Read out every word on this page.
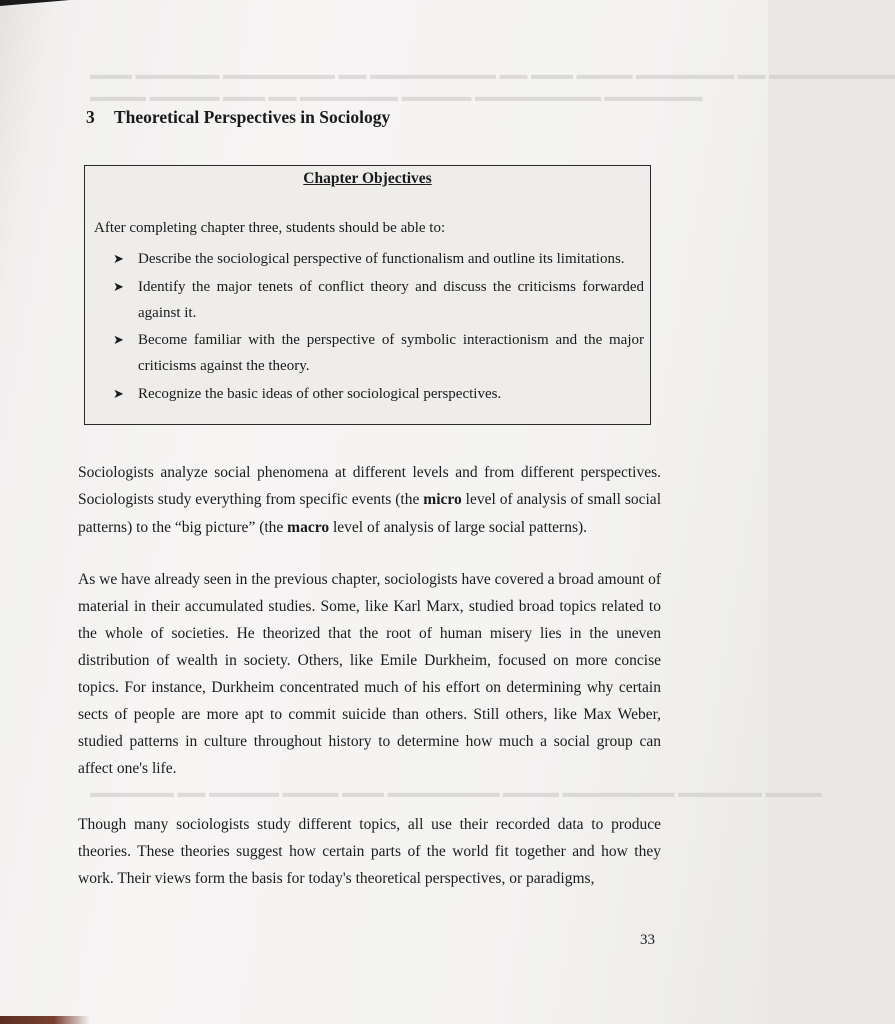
▬▬▬ ▬▬▬▬▬▬ ▬▬▬▬▬▬▬▬ ▬▬ ▬▬▬▬▬▬▬▬▬ ▬▬ ▬▬▬ ▬▬▬▬ ▬▬▬▬▬▬▬ ▬▬ ▬▬▬▬▬▬▬▬▬
▬▬▬▬ ▬▬▬▬▬ ▬▬▬ ▬▬ ▬▬▬▬▬▬▬ ▬▬▬▬▬ ▬▬▬▬▬▬▬▬▬ ▬▬▬▬▬▬▬
3 Theoretical Perspectives in Sociology
Chapter Objectives
After completing chapter three, students should be able to:
➤ Describe the sociological perspective of functionalism and outline its limitations.
➤ Identify the major tenets of conflict theory and discuss the criticisms forwarded against it.
➤ Become familiar with the perspective of symbolic interactionism and the major criticisms against the theory.
➤ Recognize the basic ideas of other sociological perspectives.

Sociologists analyze social phenomena at different levels and from different perspectives. Sociologists study everything from specific events (the micro level of analysis of small social patterns) to the “big picture” (the macro level of analysis of large social patterns).

As we have already seen in the previous chapter, sociologists have covered a broad amount of material in their accumulated studies. Some, like Karl Marx, studied broad topics related to the whole of societies. He theorized that the root of human misery lies in the uneven distribution of wealth in society. Others, like Emile Durkheim, focused on more concise topics. For instance, Durkheim concentrated much of his effort on determining why certain sects of people are more apt to commit suicide than others. Still others, like Max Weber, studied patterns in culture throughout history to determine how much a social group can affect one's life.

▬▬▬▬▬▬ ▬▬ ▬▬▬▬▬ ▬▬▬▬ ▬▬▬ ▬▬▬▬▬▬▬▬ ▬▬▬▬ ▬▬▬▬▬▬▬▬ ▬▬▬▬▬▬ ▬▬▬▬

Though many sociologists study different topics, all use their recorded data to produce theories. These theories suggest how certain parts of the world fit together and how they work. Their views form the basis for today's theoretical perspectives, or paradigms,

33
